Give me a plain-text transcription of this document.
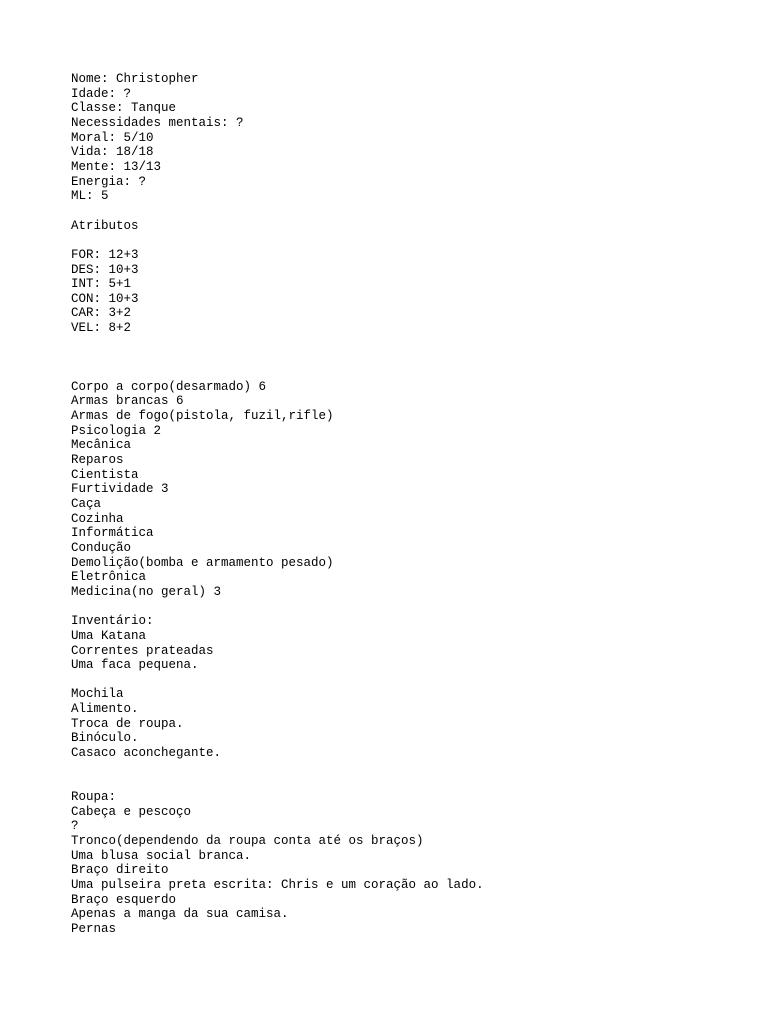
Nome: Christopher
Idade: ?
Classe: Tanque
Necessidades mentais: ?
Moral: 5/10
Vida: 18/18
Mente: 13/13
Energia: ?
ML: 5
Atributos
FOR: 12+3
DES: 10+3
INT: 5+1
CON: 10+3
CAR: 3+2
VEL: 8+2
Corpo a corpo(desarmado) 6
Armas brancas 6
Armas de fogo(pistola, fuzil,rifle)
Psicologia 2
Mecânica
Reparos
Cientista
Furtividade 3
Caça
Cozinha
Informática
Condução
Demolição(bomba e armamento pesado)
Eletrônica
Medicina(no geral) 3
Inventário:
Uma Katana
Correntes prateadas
Uma faca pequena.
Mochila
Alimento.
Troca de roupa.
Binóculo.
Casaco aconchegante.
Roupa:
Cabeça e pescoço
?
Tronco(dependendo da roupa conta até os braços)
Uma blusa social branca.
Braço direito
Uma pulseira preta escrita: Chris e um coração ao lado.
Braço esquerdo
Apenas a manga da sua camisa.
Pernas
